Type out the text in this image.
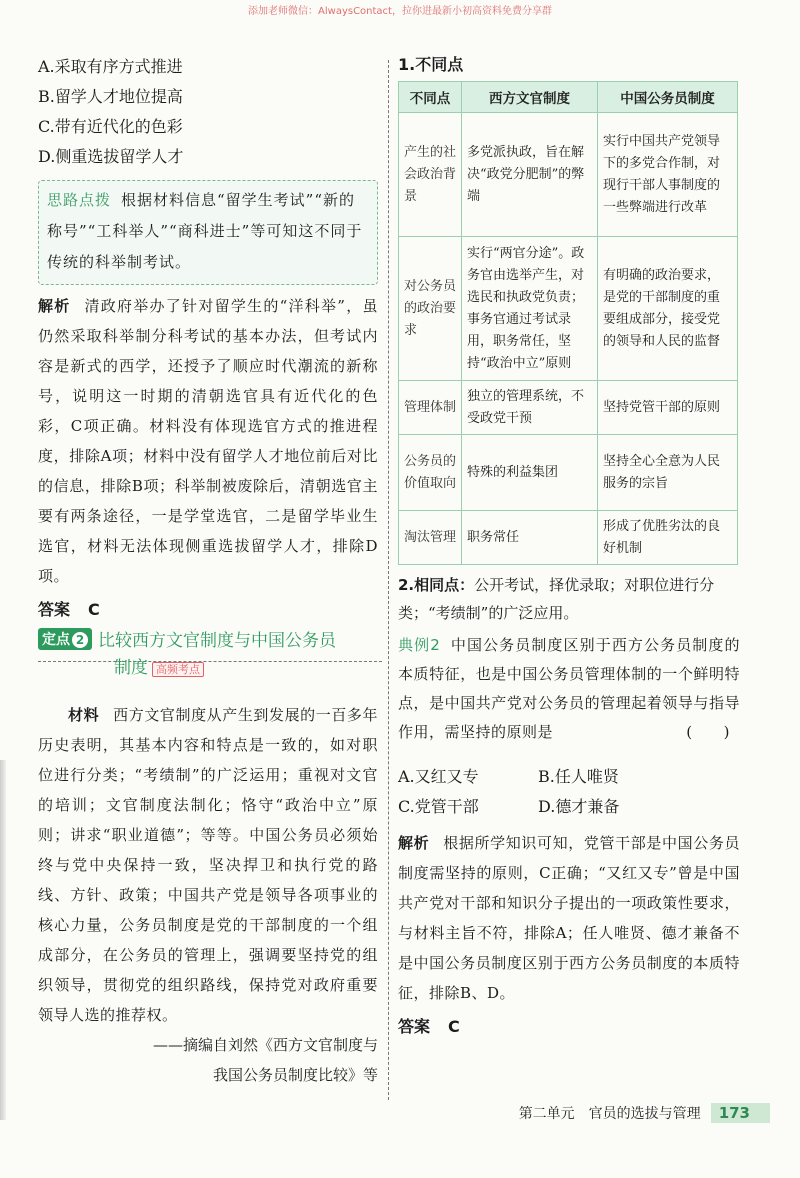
添加老师微信：AlwaysContact，拉你进最新小初高资料免费分享群

A.采取有序方式推进

B.留学人才地位提高

C.带有近代化的色彩

D.侧重选拔留学人才

思路点拨 根据材料信息“留学生考试”“新的称号”“工科举人”“商科进士”等可知这不同于传统的科举制考试。

解析 清政府举办了针对留学生的“洋科举”，虽仍然采取科举制分科考试的基本办法，但考试内容是新式的西学，还授予了顺应时代潮流的新称号，说明这一时期的清朝选官具有近代化的色彩，C项正确。材料没有体现选官方式的推进程度，排除A项；材料中没有留学人才地位前后对比的信息，排除B项；科举制被废除后，清朝选官主要有两条途径，一是学堂选官，二是留学毕业生选官，材料无法体现侧重选拔留学人才，排除D项。

答案 C

定点 2 比较西方文官制度与中国公务员
制度 高频考点

材料 西方文官制度从产生到发展的一百多年历史表明，其基本内容和特点是一致的，如对职位进行分类；“考绩制”的广泛运用；重视对文官的培训；文官制度法制化；恪守“政治中立”原则；讲求“职业道德”；等等。中国公务员必须始终与党中央保持一致，坚决捍卫和执行党的路线、方针、政策；中国共产党是领导各项事业的核心力量，公务员制度是党的干部制度的一个组成部分，在公务员的管理上，强调要坚持党的组织领导，贯彻党的组织路线，保持党对政府重要领导人选的推荐权。

——摘编自刘然《西方文官制度与

我国公务员制度比较》等

1.不同点

不同点	西方文官制度	中国公务员制度
产生的社会政治背景	多党派执政，旨在解决“政党分肥制”的弊端	实行中国共产党领导下的多党合作制，对现行干部人事制度的一些弊端进行改革
对公务员的政治要求	实行“两官分途”。政务官由选举产生，对选民和执政党负责；事务官通过考试录用，职务常任，坚持“政治中立”原则	有明确的政治要求，是党的干部制度的重要组成部分，接受党的领导和人民的监督
管理体制	独立的管理系统，不受政党干预	坚持党管干部的原则
公务员的价值取向	特殊的利益集团	坚持全心全意为人民服务的宗旨
淘汰管理	职务常任	形成了优胜劣汰的良好机制

2.相同点：公开考试，择优录取；对职位进行分类；“考绩制”的广泛应用。

典例2 中国公务员制度区别于西方公务员制度的本质特征，也是中国公务员管理体制的一个鲜明特点，是中国共产党对公务员的管理起着领导与指导作用，需坚持的原则是	(　　)

A.又红又专	B.任人唯贤
C.党管干部	D.德才兼备

解析 根据所学知识可知，党管干部是中国公务员制度需坚持的原则，C正确；“又红又专”曾是中国共产党对干部和知识分子提出的一项政策性要求，与材料主旨不符，排除A；任人唯贤、德才兼备不是中国公务员制度区别于西方公务员制度的本质特征，排除B、D。

答案 C

第二单元　官员的选拔与管理	173
